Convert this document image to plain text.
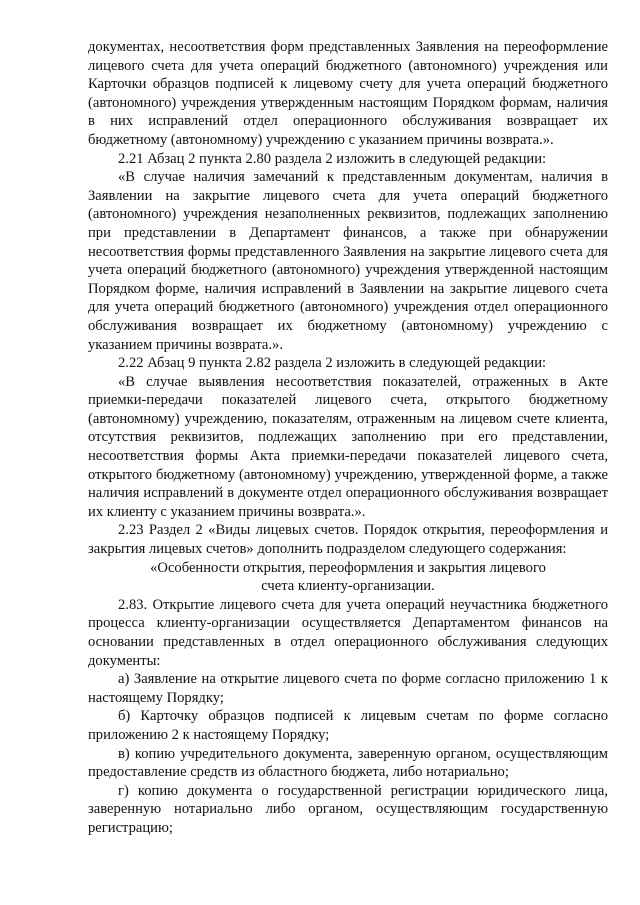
документах, несоответствия форм представленных Заявления на переоформление лицевого счета для учета операций бюджетного (автономного) учреждения или Карточки образцов подписей к лицевому счету для учета операций бюджетного (автономного) учреждения утвержденным настоящим Порядком формам, наличия в них исправлений отдел операционного обслуживания возвращает их бюджетному (автономному) учреждению с указанием причины возврата.».

2.21 Абзац 2 пункта 2.80 раздела 2 изложить в следующей редакции:

«В случае наличия замечаний к представленным документам, наличия в Заявлении на закрытие лицевого счета для учета операций бюджетного (автономного) учреждения незаполненных реквизитов, подлежащих заполнению при представлении в Департамент финансов, а также при обнаружении несоответствия формы представленного Заявления на закрытие лицевого счета для учета операций бюджетного (автономного) учреждения утвержденной настоящим Порядком форме, наличия исправлений в Заявлении на закрытие лицевого счета для учета операций бюджетного (автономного) учреждения отдел операционного обслуживания возвращает их бюджетному (автономному) учреждению с указанием причины возврата.».

2.22 Абзац 9 пункта 2.82 раздела 2 изложить в следующей редакции:

«В случае выявления несоответствия показателей, отраженных в Акте приемки-передачи показателей лицевого счета, открытого бюджетному (автономному) учреждению, показателям, отраженным на лицевом счете клиента, отсутствия реквизитов, подлежащих заполнению при его представлении, несоответствия формы Акта приемки-передачи показателей лицевого счета, открытого бюджетному (автономному) учреждению, утвержденной форме, а также наличия исправлений в документе отдел операционного обслуживания возвращает их клиенту с указанием причины возврата.».

2.23 Раздел 2 «Виды лицевых счетов. Порядок открытия, переоформления и закрытия лицевых счетов» дополнить подразделом следующего содержания:

«Особенности открытия, переоформления и закрытия лицевого счета клиенту-организации.

2.83. Открытие лицевого счета для учета операций неучастника бюджетного процесса клиенту-организации осуществляется Департаментом финансов на основании представленных в отдел операционного обслуживания следующих документы:

а) Заявление на открытие лицевого счета по форме согласно приложению 1 к настоящему Порядку;

б) Карточку образцов подписей к лицевым счетам по форме согласно приложению 2 к настоящему Порядку;

в) копию учредительного документа, заверенную органом, осуществляющим предоставление средств из областного бюджета, либо нотариально;

г) копию документа о государственной регистрации юридического лица, заверенную нотариально либо органом, осуществляющим государственную регистрацию;
